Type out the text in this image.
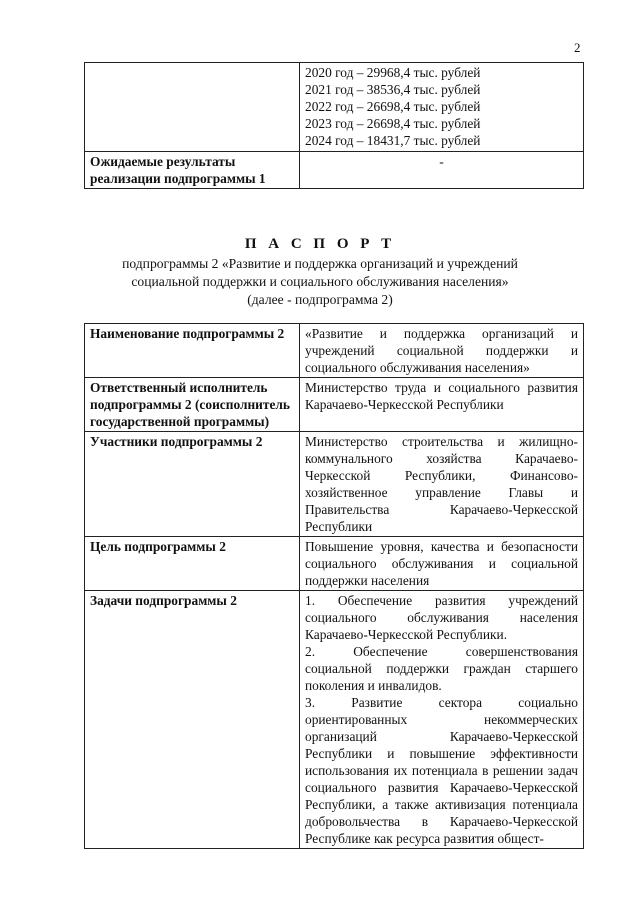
2

	2020 год – 29968,4 тыс. рублей
2021 год – 38536,4 тыс. рублей
2022 год – 26698,4 тыс. рублей
2023 год – 26698,4 тыс. рублей
2024 год – 18431,7 тыс. рублей

Ожидаемые результаты реализации подпрограммы 1	-
П А С П О Р Т
подпрограммы 2 «Развитие и поддержка организаций и учреждений
социальной поддержки и социального обслуживания населения»
(далее - подпрограмма 2)
Наименование подпрограммы 2	«Развитие и поддержка организаций и учреждений социальной поддержки и социального обслуживания населения»
Ответственный исполнитель подпрограммы 2 (соисполнитель государственной программы)	Министерство труда и социального развития Карачаево-Черкесской Республики
Участники подпрограммы 2	Министерство строительства и жилищно-коммунального хозяйства Карачаево-Черкесской Республики, Финансово-хозяйственное управление Главы и Правительства Карачаево-Черкесской Республики
Цель подпрограммы 2	Повышение уровня, качества и безопасности социального обслуживания и социальной поддержки населения
Задачи подпрограммы 2	1. Обеспечение развития учреждений социального обслуживания населения Карачаево-Черкесской Республики.
2. Обеспечение совершенствования социальной поддержки граждан старшего поколения и инвалидов.
3. Развитие сектора социально ориентированных некоммерческих организаций Карачаево-Черкесской Республики и повышение эффективности использования их потенциала в решении задач социального развития Карачаево-Черкесской Республики, а также активизация потенциала добровольчества в Карачаево-Черкесской Республике как ресурса развития общест-
